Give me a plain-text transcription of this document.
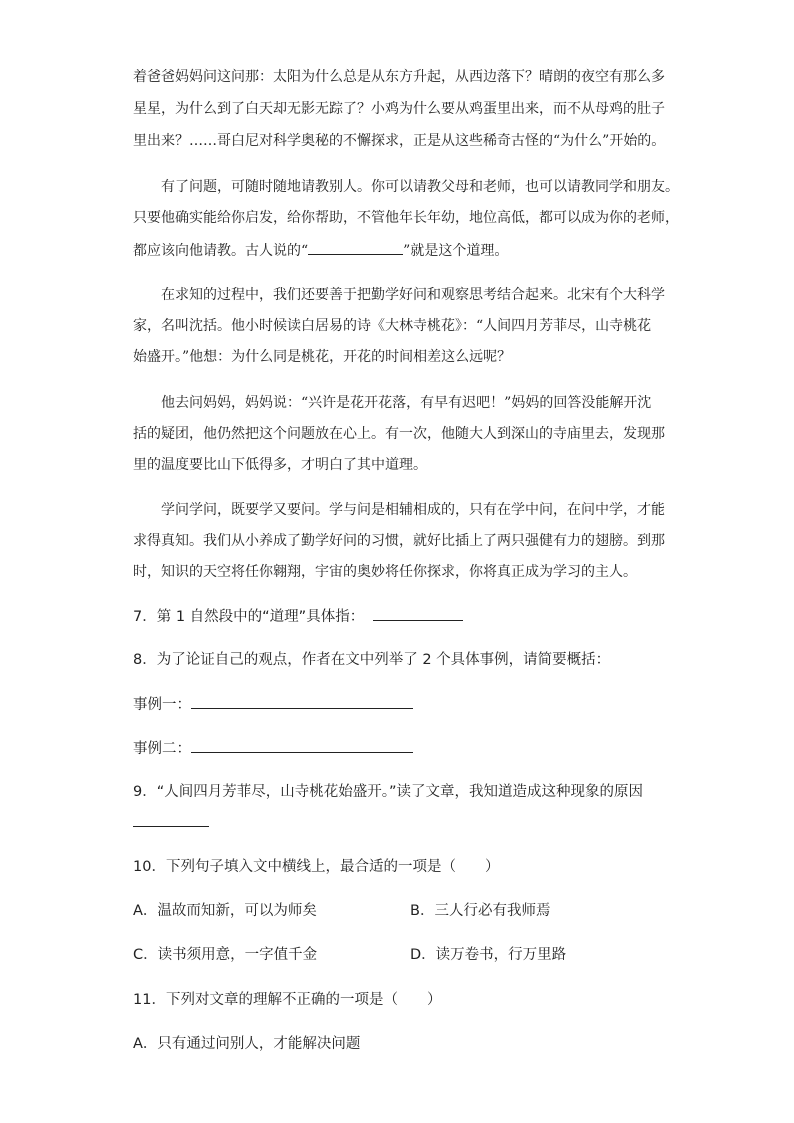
着爸爸妈妈问这问那：太阳为什么总是从东方升起，从西边落下？晴朗的夜空有那么多
星星，为什么到了白天却无影无踪了？小鸡为什么要从鸡蛋里出来，而不从母鸡的肚子
里出来？……哥白尼对科学奥秘的不懈探求，正是从这些稀奇古怪的“为什么”开始的。
有了问题，可随时随地请教别人。你可以请教父母和老师，也可以请教同学和朋友。
只要他确实能给你启发，给你帮助，不管他年长年幼，地位高低，都可以成为你的老师，
都应该向他请教。古人说的“	”就是这个道理。
在求知的过程中，我们还要善于把勤学好问和观察思考结合起来。北宋有个大科学
家，名叫沈括。他小时候读白居易的诗《大林寺桃花》：“人间四月芳菲尽，山寺桃花
始盛开。”他想：为什么同是桃花，开花的时间相差这么远呢？
他去问妈妈，妈妈说：“兴许是花开花落，有早有迟吧！”妈妈的回答没能解开沈
括的疑团，他仍然把这个问题放在心上。有一次，他随大人到深山的寺庙里去，发现那
里的温度要比山下低得多，才明白了其中道理。
学问学问，既要学又要问。学与问是相辅相成的，只有在学中问，在问中学，才能
求得真知。我们从小养成了勤学好问的习惯，就好比插上了两只强健有力的翅膀。到那
时，知识的天空将任你翱翔，宇宙的奥妙将任你探求，你将真正成为学习的主人。
7．第 1 自然段中的“道理”具体指：
8．为了论证自己的观点，作者在文中列举了 2 个具体事例，请简要概括：
事例一：
事例二：
9．“人间四月芳菲尽，山寺桃花始盛开。”读了文章，我知道造成这种现象的原因
10．下列句子填入文中横线上，最合适的一项是（　　）
A．温故而知新，可以为师矣	B．三人行必有我师焉
C．读书须用意，一字值千金	D．读万卷书，行万里路
11．下列对文章的理解不正确的一项是（　　）
A．只有通过问别人，才能解决问题
